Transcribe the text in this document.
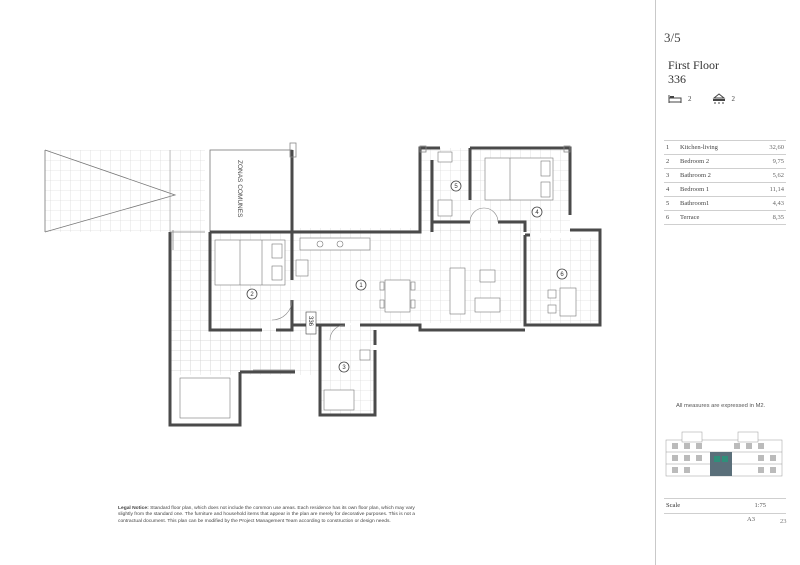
ZONAS COMUNES
336
1
2
3
4
5
6
3/5
First Floor
336
2	2
1	Kitchen-living	32,60
2	Bedroom 2	9,75
3	Bathroom 2	5,62
4	Bedroom 1	11,14
5	Bathroom1	4,43
6	Terrace	8,35
All measures are expressed in M2.
Scale	1:75
A3	23
Legal Notice: Standard floor plan, which does not include the common use areas. Each residence has its own floor plan, which may vary slightly from the standard one. The furniture and household items that appear in the plan are merely for decorative purposes. This is not a contractual document. This plan can be modified by the Project Management Team according to construction or design needs.
